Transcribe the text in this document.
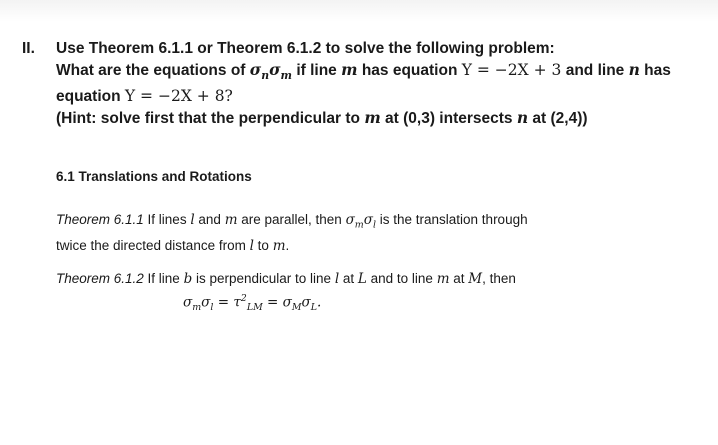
II. Use Theorem 6.1.1 or Theorem 6.1.2 to solve the following problem:
What are the equations of $\sigma_n\sigma_m$ if line m has equation Y = −2X + 3 and line n has
equation Y = −2X + 8?
(Hint: solve first that the perpendicular to m at (0,3) intersects n at (2,4))
6.1 Translations and Rotations
Theorem 6.1.1 If lines l and m are parallel, then $\sigma_m\sigma_l$ is the translation through
twice the directed distance from l to m.
Theorem 6.1.2 If line b is perpendicular to line l at L and to line m at M, then
$\sigma_m\sigma_l = \tau^2_{LM} = \sigma_M\sigma_L$.
